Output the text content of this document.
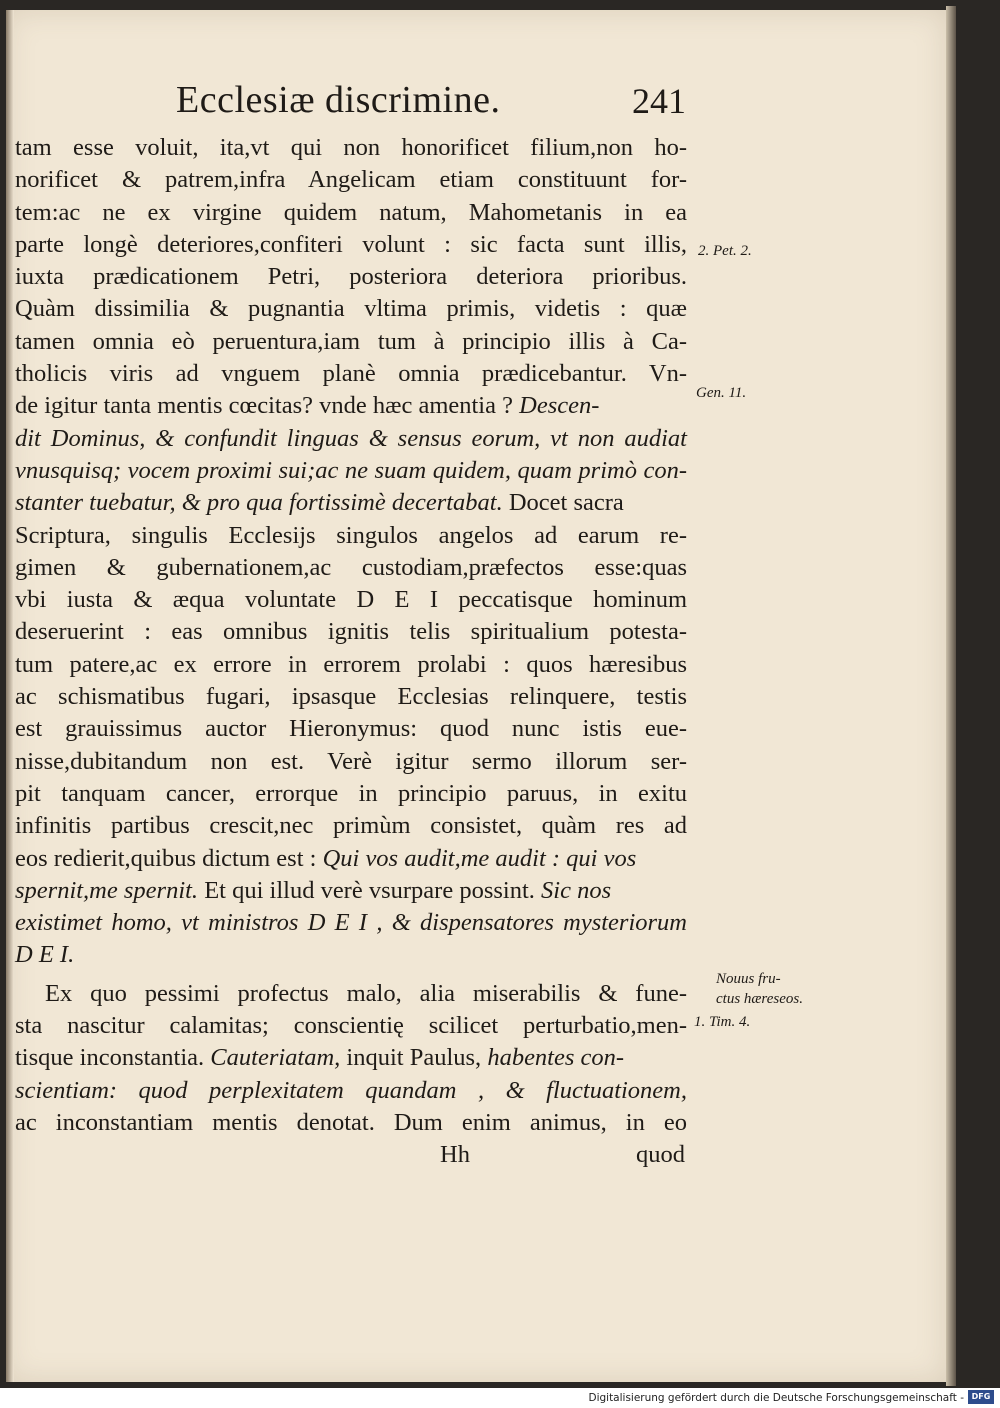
Ecclesiæ discrimine.	241
tam esse voluit, ita,vt qui non honorificet filium,non ho-
norificet & patrem,infra Angelicam etiam constituunt for-
tem:ac ne ex virgine quidem natum, Mahometanis in ea
parte longè deteriores,confiteri volunt : sic facta sunt illis,
iuxta prædicationem Petri, posteriora deteriora prioribus.
Quàm dissimilia & pugnantia vltima primis, videtis : quæ
tamen omnia eò peruentura,iam tum à principio illis à Ca-
tholicis viris ad vnguem planè omnia prædicebantur. Vn-
de igitur tanta mentis cœcitas? vnde hæc amentia ? Descen-
dit Dominus, & confundit linguas & sensus eorum, vt non audiat
vnusquisq; vocem proximi sui;ac ne suam quidem, quam primò con-
stanter tuebatur, & pro qua fortissimè decertabat. Docet sacra
Scriptura, singulis Ecclesijs singulos angelos ad earum re-
gimen & gubernationem,ac custodiam,præfectos esse:quas
vbi iusta & æqua voluntate D E I peccatisque hominum
deseruerint : eas omnibus ignitis telis spiritualium potesta-
tum patere,ac ex errore in errorem prolabi : quos hæresibus
ac schismatibus fugari, ipsasque Ecclesias relinquere, testis
est grauissimus auctor Hieronymus: quod nunc istis eue-
nisse,dubitandum non est. Verè igitur sermo illorum ser-
pit tanquam cancer, errorque in principio paruus, in exitu
infinitis partibus crescit,nec primùm consistet, quàm res ad
eos redierit,quibus dictum est : Qui vos audit,me audit : qui vos
spernit,me spernit. Et qui illud verè vsurpare possint. Sic nos
existimet homo, vt ministros D E I , & dispensatores mysteriorum
D E I.
Ex quo pessimi profectus malo, alia miserabilis & fune-
sta nascitur calamitas; conscientię scilicet perturbatio,men-
tisque inconstantia. Cauteriatam, inquit Paulus, habentes con-
scientiam: quod perplexitatem quandam , & fluctuationem,
ac inconstantiam mentis denotat. Dum enim animus, in eo
Hh	quod
2. Pet. 2.
Gen. 11.
Nouus fru-
ctus hæreseos.
1. Tim. 4.
Digitalisierung gefördert durch die Deutsche Forschungsgemeinschaft - DFG
